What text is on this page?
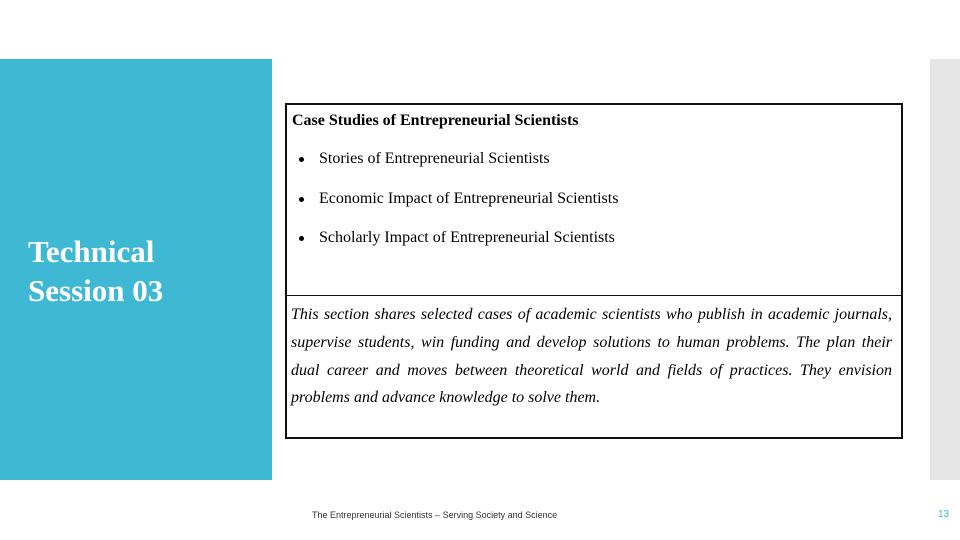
Technical
Session 03
Case Studies of Entrepreneurial Scientists
Stories of Entrepreneurial Scientists
Economic Impact of Entrepreneurial Scientists
Scholarly Impact of Entrepreneurial Scientists
This section shares selected cases of academic scientists who publish in academic journals, supervise students, win funding and develop solutions to human problems. The plan their dual career and moves between theoretical world and fields of practices. They envision problems and advance knowledge to solve them.
The Entrepreneurial Scientists – Serving Society and Science	13
